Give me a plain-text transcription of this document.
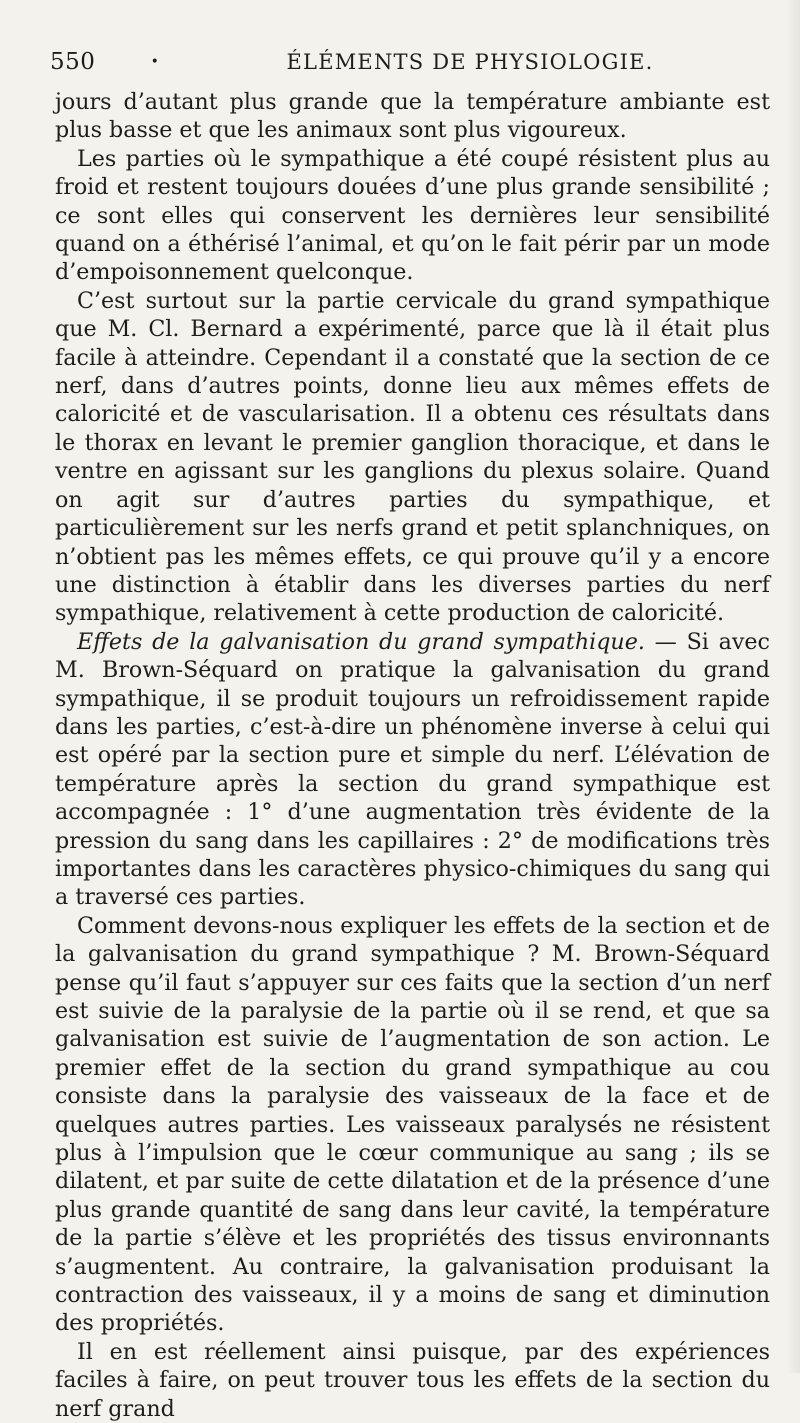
550	•	ÉLÉMENTS DE PHYSIOLOGIE.

jours d’autant plus grande que la température ambiante est plus basse et que les animaux sont plus vigoureux.

Les parties où le sympathique a été coupé résistent plus au froid et restent toujours douées d’une plus grande sensibilité ; ce sont elles qui conservent les dernières leur sensibilité quand on a éthérisé l’animal, et qu’on le fait périr par un mode d’empoisonnement quelconque.

C’est surtout sur la partie cervicale du grand sympathique que M. Cl. Bernard a expérimenté, parce que là il était plus facile à atteindre. Cependant il a constaté que la section de ce nerf, dans d’autres points, donne lieu aux mêmes effets de caloricité et de vascularisation. Il a obtenu ces résultats dans le thorax en levant le premier ganglion thoracique, et dans le ventre en agissant sur les ganglions du plexus solaire. Quand on agit sur d’autres parties du sympathique, et particulièrement sur les nerfs grand et petit splanchniques, on n’obtient pas les mêmes effets, ce qui prouve qu’il y a encore une distinction à établir dans les diverses parties du nerf sympathique, relativement à cette production de caloricité.

Effets de la galvanisation du grand sympathique. — Si avec M. Brown-Séquard on pratique la galvanisation du grand sympathique, il se produit toujours un refroidissement rapide dans les parties, c’est-à-dire un phénomène inverse à celui qui est opéré par la section pure et simple du nerf. L’élévation de température après la section du grand sympathique est accompagnée : 1° d’une augmentation très évidente de la pression du sang dans les capillaires : 2° de modifications très importantes dans les caractères physico-chimiques du sang qui a traversé ces parties.

Comment devons-nous expliquer les effets de la section et de la galvanisation du grand sympathique ? M. Brown-Séquard pense qu’il faut s’appuyer sur ces faits que la section d’un nerf est suivie de la paralysie de la partie où il se rend, et que sa galvanisation est suivie de l’augmentation de son action. Le premier effet de la section du grand sympathique au cou consiste dans la paralysie des vaisseaux de la face et de quelques autres parties. Les vaisseaux paralysés ne résistent plus à l’impulsion que le cœur communique au sang ; ils se dilatent, et par suite de cette dilatation et de la présence d’une plus grande quantité de sang dans leur cavité, la température de la partie s’élève et les propriétés des tissus environnants s’augmentent. Au contraire, la galvanisation produisant la contraction des vaisseaux, il y a moins de sang et diminution des propriétés.

Il en est réellement ainsi puisque, par des expériences faciles à faire, on peut trouver tous les effets de la section du nerf grand
